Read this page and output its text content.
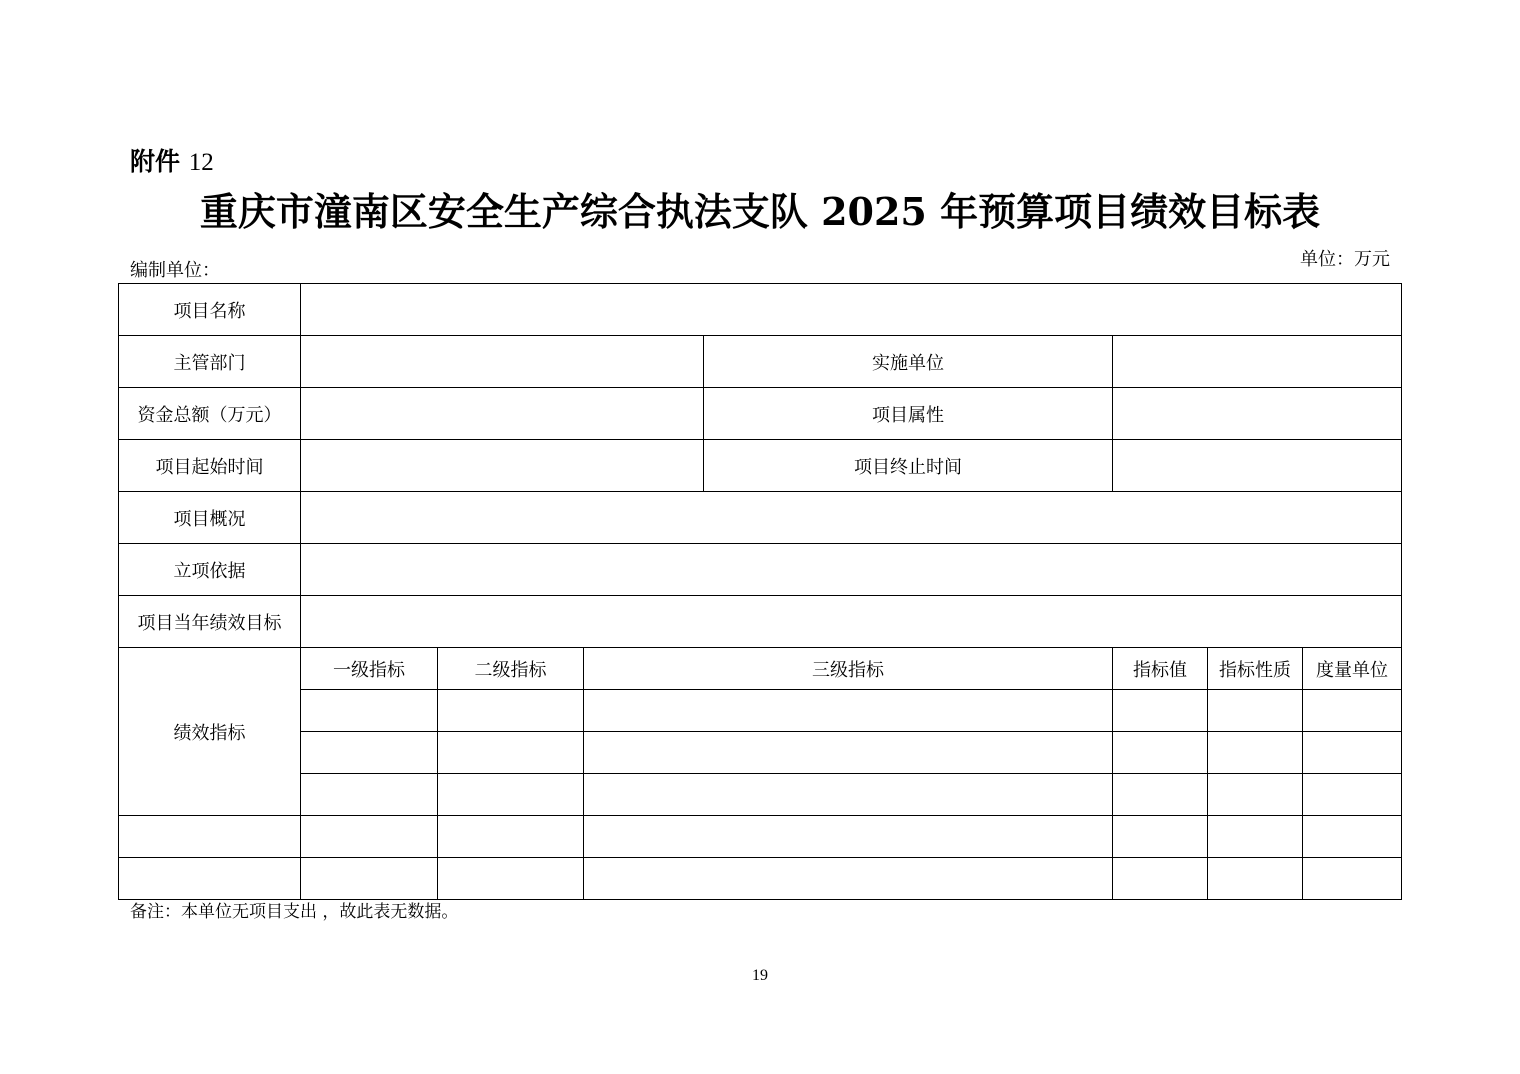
附件 12
重庆市潼南区安全生产综合执法支队 2025 年预算项目绩效目标表
单位：万元
编制单位：
项目名称							
主管部门				实施单位			
资金总额（万元）				项目属性			
项目起始时间				项目终止时间			
项目概况							
立项依据							
项目当年绩效目标							
绩效指标	一级指标	二级指标	三级指标		指标值	指标性质	度量单位

备注：本单位无项目支出 ，故此表无数据。
19
